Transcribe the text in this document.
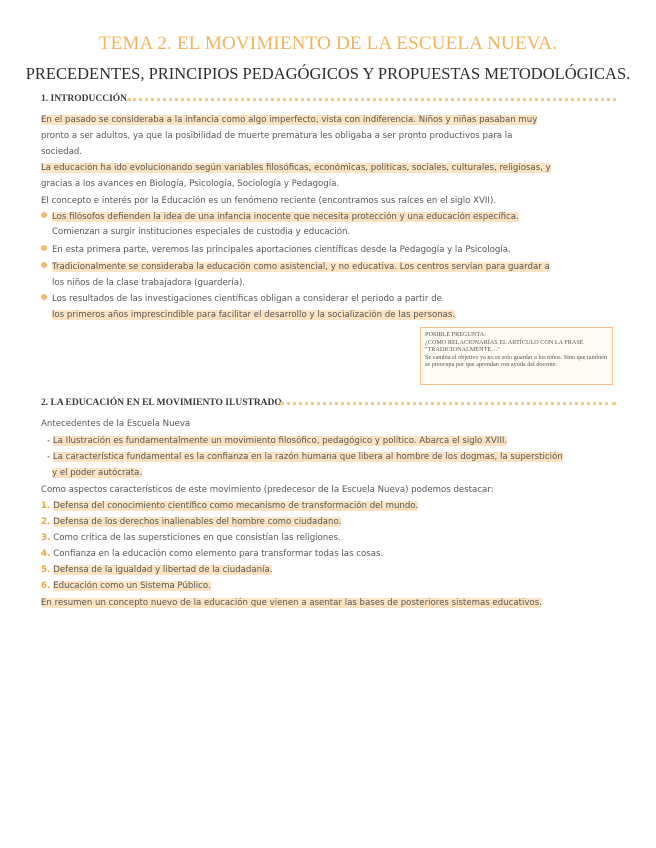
TEMA 2. EL MOVIMIENTO DE LA ESCUELA NUEVA.
PRECEDENTES, PRINCIPIOS PEDAGÓGICOS Y PROPUESTAS METODOLÓGICAS.
1. INTRODUCCIÓN.
En el pasado se consideraba a la infancia como algo imperfecto, vista con indiferencia. Niños y niñas pasaban muy
pronto a ser adultos, ya que la posibilidad de muerte prematura les obligaba a ser pronto productivos para la
sociedad.
La educación ha ido evolucionando según variables filosóficas, económicas, políticas, sociales, culturales, religiosas, y
gracias a los avances en Biología, Psicología, Sociología y Pedagogía.
El concepto e interés por la Educación es un fenómeno reciente (encontramos sus raíces en el siglo XVII).
Los filósofos defienden la idea de una infancia inocente que necesita protección y una educación específica.
Comienzan a surgir instituciones especiales de custodia y educación.
En esta primera parte, veremos las principales aportaciones científicas desde la Pedagogía y la Psicología.
Tradicionalmente se consideraba la educación como asistencial, y no educativa. Los centros servían para guardar a
los niños de la clase trabajadora (guardería).
Los resultados de las investigaciones científicas obligan a considerar el periodo a partir de
los primeros años imprescindible para facilitar el desarrollo y la socialización de las personas.
POSIBLE PREGUNTA:
¿COMO RELACIONARÍAS EL ARTÍCULO CON LA FRASE "TRADICIONALMENTE…"
Se cambia el objetivo ya no es solo guardar a los niños. Sino que también se preocupa por que aprendan con ayuda del docente.
2. LA EDUCACIÓN EN EL MOVIMIENTO ILUSTRADO.
Antecedentes de la Escuela Nueva
- La Ilustración es fundamentalmente un movimiento filosófico, pedagógico y político. Abarca el siglo XVIII.
- La característica fundamental es la confianza en la razón humana que libera al hombre de los dogmas, la superstición
y el poder autócrata.
Como aspectos característicos de este movimiento (predecesor de la Escuela Nueva) podemos destacar:
1. Defensa del conocimiento científico como mecanismo de transformación del mundo.
2. Defensa de los derechos inalienables del hombre como ciudadano.
3. Como crítica de las supersticiones en que consistían las religiones.
4. Confianza en la educación como elemento para transformar todas las cosas.
5. Defensa de la igualdad y libertad de la ciudadanía.
6. Educación como un Sistema Público.
En resumen un concepto nuevo de la educación que vienen a asentar las bases de posteriores sistemas educativos.
